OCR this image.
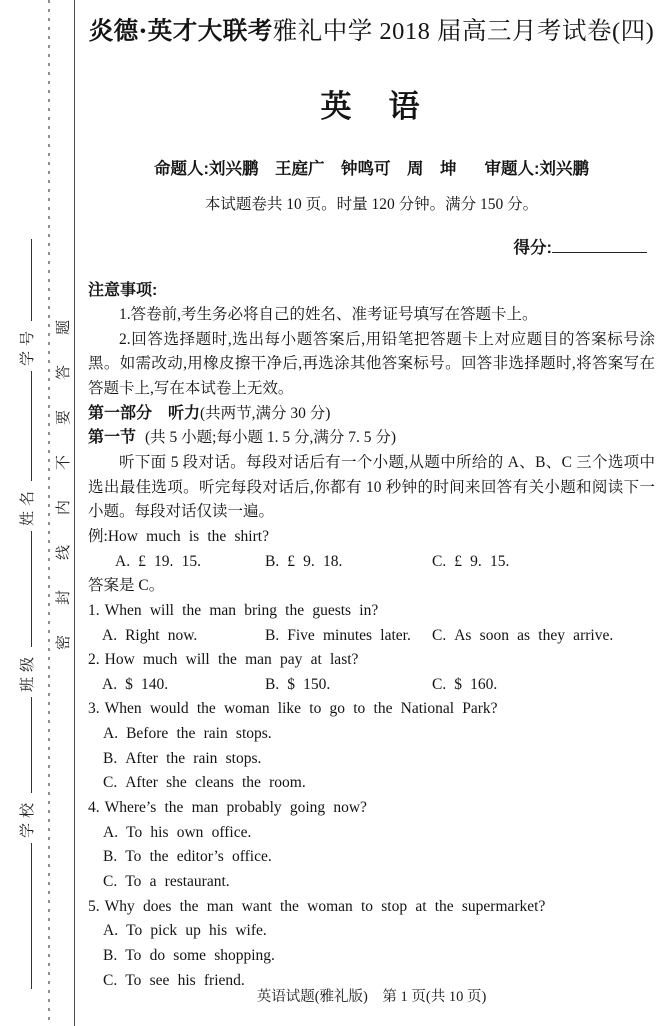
学校班级姓名学号	密封线内不要答题
炎德·英才大联考雅礼中学 2018 届高三月考试卷(四)
英　语
命题人:刘兴鹏　王庭广　钟鸣可　周　坤 审题人:刘兴鹏
本试题卷共 10 页。时量 120 分钟。满分 150 分。
得分:
注意事项:

1.答卷前,考生务必将自己的姓名、准考证号填写在答题卡上。

2.回答选择题时,选出每小题答案后,用铅笔把答题卡上对应题目的答案标号涂黑。如需改动,用橡皮擦干净后,再选涂其他答案标号。回答非选择题时,将答案写在答题卡上,写在本试卷上无效。

第一部分　听力(共两节,满分 30 分)
第一节 (共 5 小题;每小题 1. 5 分,满分 7. 5 分)

听下面 5 段对话。每段对话后有一个小题,从题中所给的 A、B、C 三个选项中选出最佳选项。听完每段对话后,你都有 10 秒钟的时间来回答有关小题和阅读下一小题。每段对话仅读一遍。

例:How much is the shirt?
A. £ 19. 15.	B. £ 9. 18.	C. £ 9. 15.
答案是 C。
1. When will the man bring the guests in?
A. Right now.	B. Five minutes later. C. As soon as they arrive.
2. How much will the man pay at last?
A. $ 140.	B. $ 150.	C. $ 160.
3. When would the woman like to go to the National Park?
A. Before the rain stops.
B. After the rain stops.
C. After she cleans the room.
4. Where’s the man probably going now?
A. To his own office.
B. To the editor’s office.
C. To a restaurant.
5. Why does the man want the woman to stop at the supermarket?
A. To pick up his wife.
B. To do some shopping.
C. To see his friend.
英语试题(雅礼版)　第 1 页(共 10 页)
